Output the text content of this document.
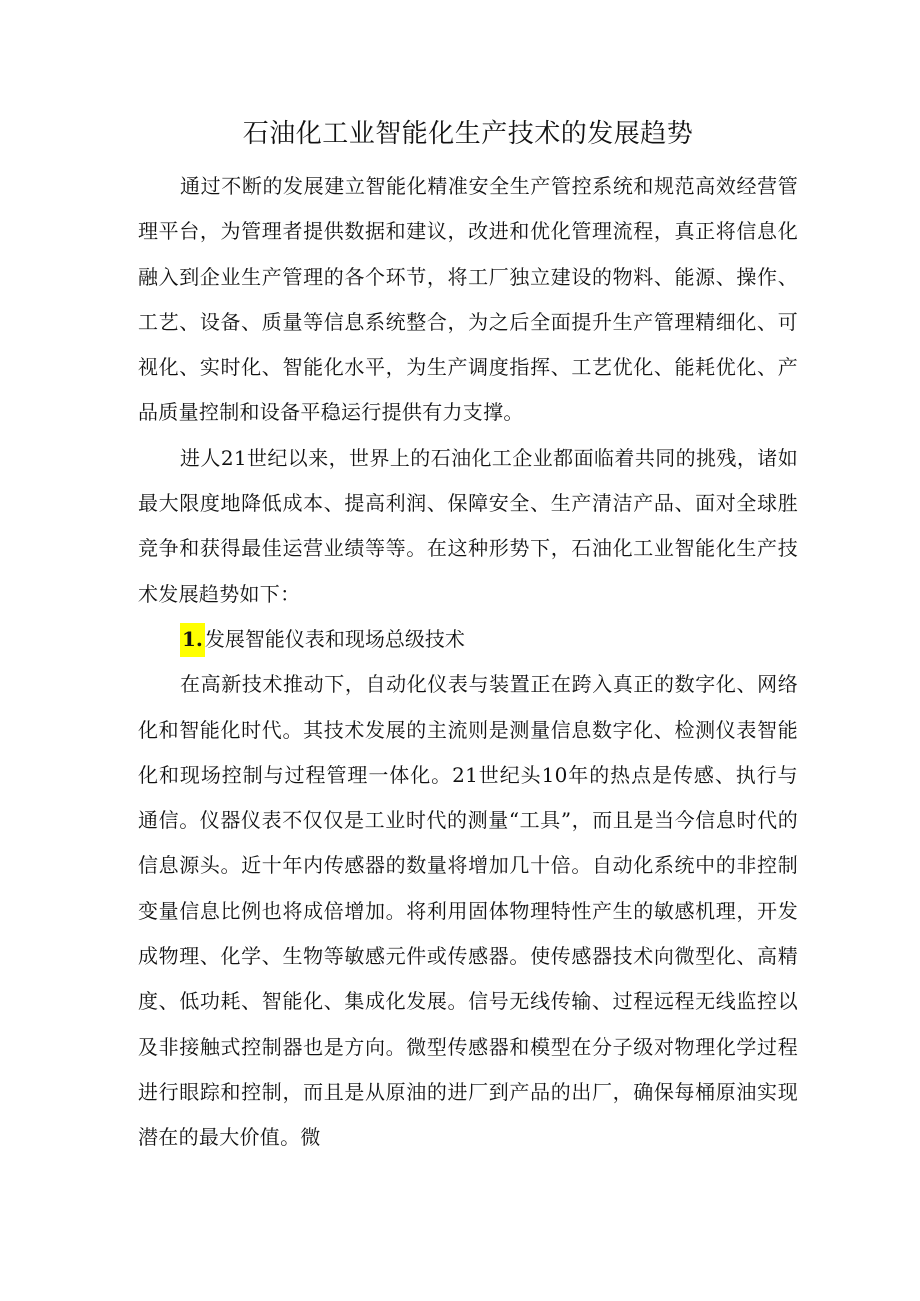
石油化工业智能化生产技术的发展趋势

通过不断的发展建立智能化精准安全生产管控系统和规范高效经营管理平台，为管理者提供数据和建议，改进和优化管理流程，真正将信息化融入到企业生产管理的各个环节，将工厂独立建设的物料、能源、操作、工艺、设备、质量等信息系统整合，为之后全面提升生产管理精细化、可视化、实时化、智能化水平，为生产调度指挥、工艺优化、能耗优化、产品质量控制和设备平稳运行提供有力支撑。

进人21世纪以来，世界上的石油化工企业都面临着共同的挑残，诸如最大限度地降低成本、提高利润、保障安全、生产清洁产品、面对全球胜竞争和获得最佳运营业绩等等。在这种形势下，石油化工业智能化生产技术发展趋势如下：

1. 发展智能仪表和现场总级技术

在高新技术推动下，自动化仪表与装置正在跨入真正的数字化、网络化和智能化时代。其技术发展的主流则是测量信息数字化、检测仪表智能化和现场控制与过程管理一体化。21世纪头10年的热点是传感、执行与通信。仪器仪表不仅仅是工业时代的测量“工具”，而且是当今信息时代的信息源头。近十年内传感器的数量将增加几十倍。自动化系统中的非控制变量信息比例也将成倍增加。将利用固体物理特性产生的敏感机理，开发成物理、化学、生物等敏感元件或传感器。使传感器技术向微型化、高精度、低功耗、智能化、集成化发展。信号无线传输、过程远程无线监控以及非接触式控制器也是方向。微型传感器和模型在分子级对物理化学过程进行眼踪和控制，而且是从原油的进厂到产品的出厂，确保每桶原油实现潜在的最大价值。微
